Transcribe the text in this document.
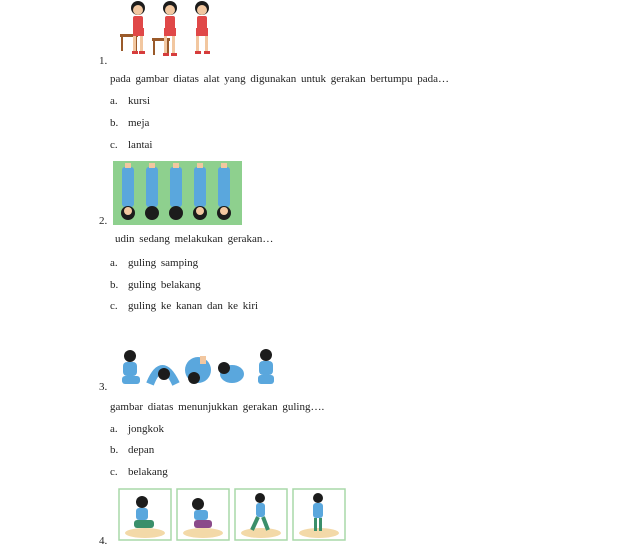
1.
pada gambar diatas alat yang digunakan untuk gerakan bertumpu pada…
a. kursi
b. meja
c. lantai
2.
udin sedang melakukan gerakan…
a. guling samping
b. guling belakang
c. guling ke kanan dan ke kiri
3.
gambar diatas menunjukkan gerakan guling….
a. jongkok
b. depan
c. belakang
4.
